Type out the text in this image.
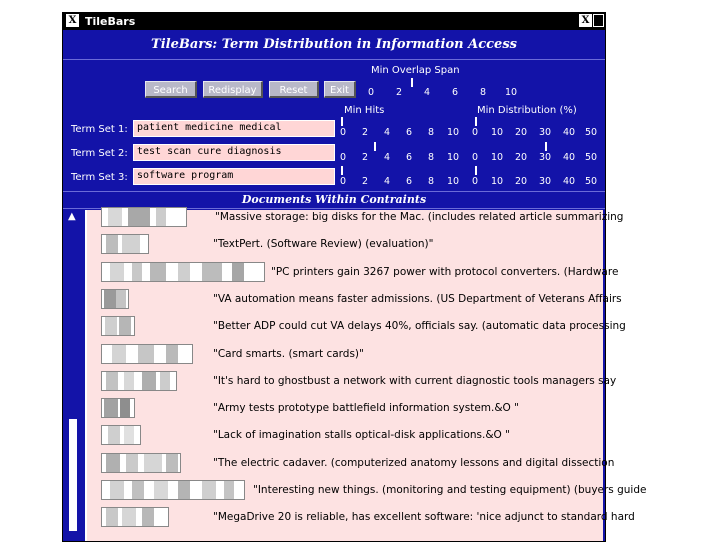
X TileBars	X
TileBars: Term Distribution in Information Access
Search	Redisplay	Reset	Exit
Min Overlap Span
0	2	4	6	8	10
Min Hits	Min Distribution (%)
Term Set 1: patient medicine medical
Term Set 2: test scan cure diagnosis
Term Set 3: software program
0	2	4	6	8	10	0	10	20	30	40	50
0	2	4	6	8	10	0	10	20	30	40	50
0	2	4	6	8	10	0	10	20	30	40	50
Documents Within Contraints
▲	"Massive storage: big disks for the Mac. (includes related article summarizing
"TextPert. (Software Review) (evaluation)"
"PC printers gain 3267 power with protocol converters. (Hardware
"VA automation means faster admissions. (US Department of Veterans Affairs
"Better ADP could cut VA delays 40%, officials say. (automatic data processing
"Card smarts. (smart cards)"
"It's hard to ghostbust a network with current diagnostic tools managers say
"Army tests prototype battlefield information system.&O "
"Lack of imagination stalls optical-disk applications.&O "
"The electric cadaver. (computerized anatomy lessons and digital dissection
"Interesting new things. (monitoring and testing equipment) (buyers guide
"MegaDrive 20 is reliable, has excellent software: 'nice adjunct to standard hard
